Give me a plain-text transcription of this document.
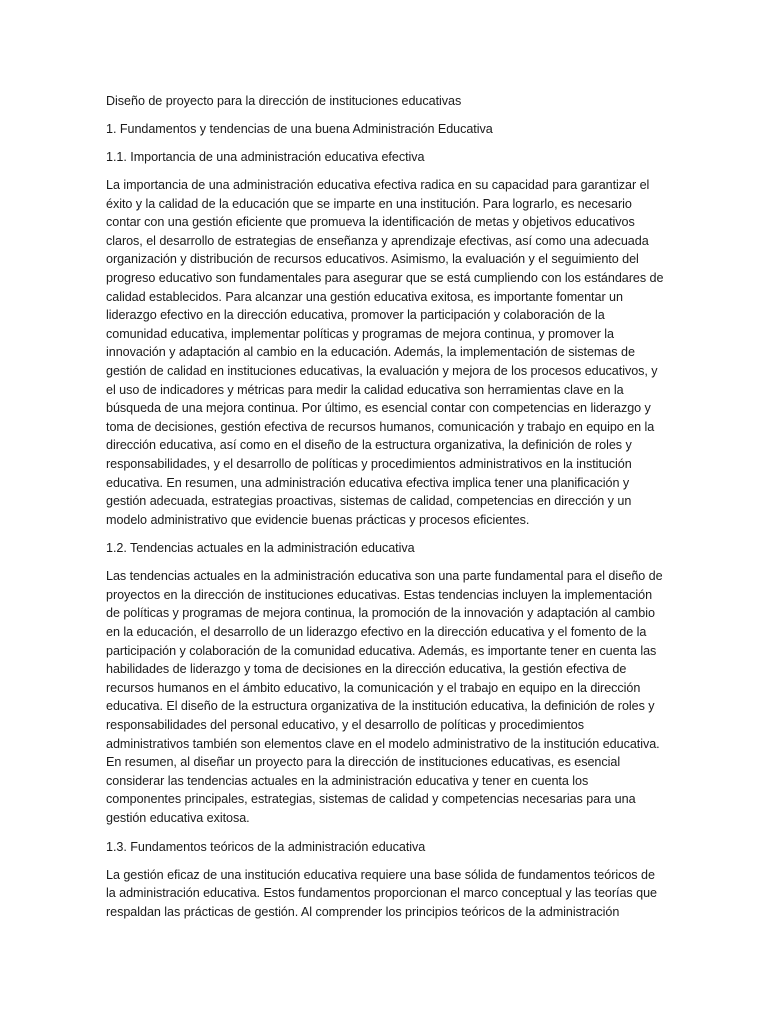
Diseño de proyecto para la dirección de instituciones educativas

1. Fundamentos y tendencias de una buena Administración Educativa

1.1. Importancia de una administración educativa efectiva

La importancia de una administración educativa efectiva radica en su capacidad para garantizar el éxito y la calidad de la educación que se imparte en una institución. Para lograrlo, es necesario contar con una gestión eficiente que promueva la identificación de metas y objetivos educativos claros, el desarrollo de estrategias de enseñanza y aprendizaje efectivas, así como una adecuada organización y distribución de recursos educativos. Asimismo, la evaluación y el seguimiento del progreso educativo son fundamentales para asegurar que se está cumpliendo con los estándares de calidad establecidos. Para alcanzar una gestión educativa exitosa, es importante fomentar un liderazgo efectivo en la dirección educativa, promover la participación y colaboración de la comunidad educativa, implementar políticas y programas de mejora continua, y promover la innovación y adaptación al cambio en la educación. Además, la implementación de sistemas de gestión de calidad en instituciones educativas, la evaluación y mejora de los procesos educativos, y el uso de indicadores y métricas para medir la calidad educativa son herramientas clave en la búsqueda de una mejora continua. Por último, es esencial contar con competencias en liderazgo y toma de decisiones, gestión efectiva de recursos humanos, comunicación y trabajo en equipo en la dirección educativa, así como en el diseño de la estructura organizativa, la definición de roles y responsabilidades, y el desarrollo de políticas y procedimientos administrativos en la institución educativa. En resumen, una administración educativa efectiva implica tener una planificación y gestión adecuada, estrategias proactivas, sistemas de calidad, competencias en dirección y un modelo administrativo que evidencie buenas prácticas y procesos eficientes.

1.2. Tendencias actuales en la administración educativa

Las tendencias actuales en la administración educativa son una parte fundamental para el diseño de proyectos en la dirección de instituciones educativas. Estas tendencias incluyen la implementación de políticas y programas de mejora continua, la promoción de la innovación y adaptación al cambio en la educación, el desarrollo de un liderazgo efectivo en la dirección educativa y el fomento de la participación y colaboración de la comunidad educativa. Además, es importante tener en cuenta las habilidades de liderazgo y toma de decisiones en la dirección educativa, la gestión efectiva de recursos humanos en el ámbito educativo, la comunicación y el trabajo en equipo en la dirección educativa. El diseño de la estructura organizativa de la institución educativa, la definición de roles y responsabilidades del personal educativo, y el desarrollo de políticas y procedimientos administrativos también son elementos clave en el modelo administrativo de la institución educativa. En resumen, al diseñar un proyecto para la dirección de instituciones educativas, es esencial considerar las tendencias actuales en la administración educativa y tener en cuenta los componentes principales, estrategias, sistemas de calidad y competencias necesarias para una gestión educativa exitosa.

1.3. Fundamentos teóricos de la administración educativa

La gestión eficaz de una institución educativa requiere una base sólida de fundamentos teóricos de la administración educativa. Estos fundamentos proporcionan el marco conceptual y las teorías que respaldan las prácticas de gestión. Al comprender los principios teóricos de la administración
